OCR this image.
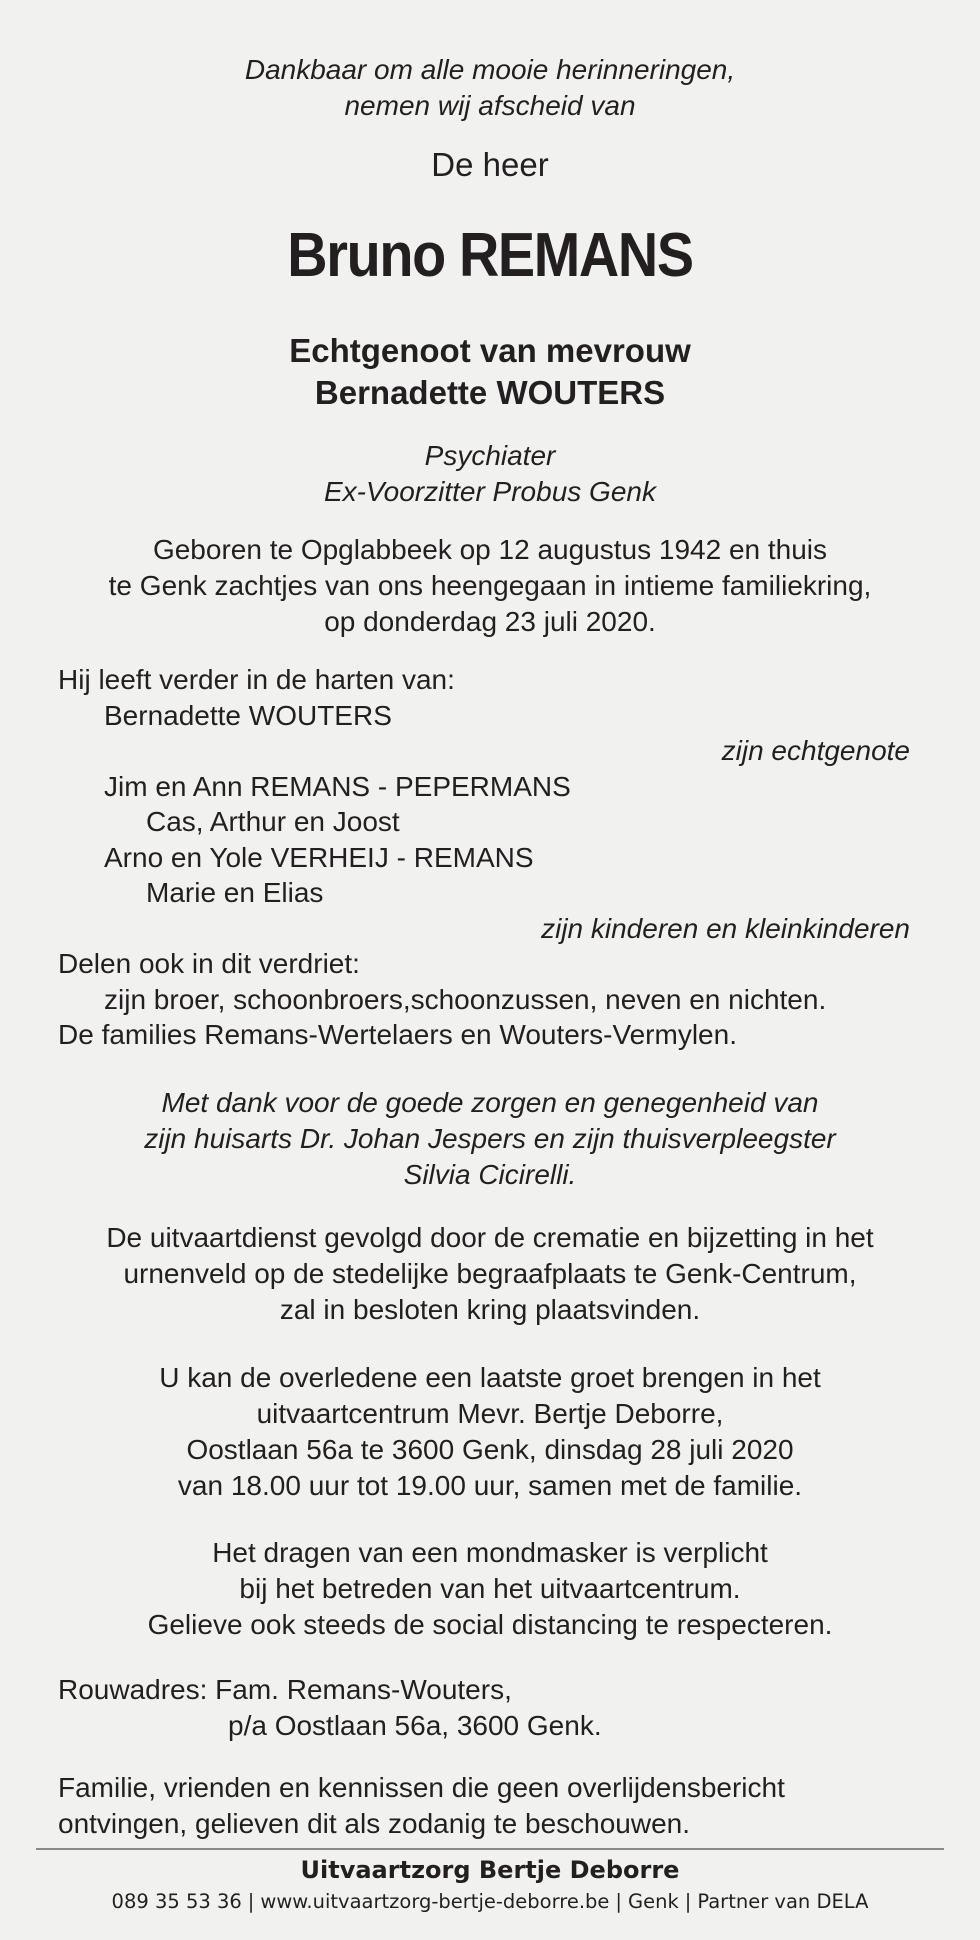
Dankbaar om alle mooie herinneringen,
nemen wij afscheid van
De heer
Bruno REMANS
Echtgenoot van mevrouw
Bernadette WOUTERS
Psychiater
Ex-Voorzitter Probus Genk
Geboren te Opglabbeek op 12 augustus 1942 en thuis
te Genk zachtjes van ons heengegaan in intieme familiekring,
op donderdag 23 juli 2020.
Hij leeft verder in de harten van:
Bernadette WOUTERS
zijn echtgenote
Jim en Ann REMANS - PEPERMANS
Cas, Arthur en Joost
Arno en Yole VERHEIJ - REMANS
Marie en Elias
zijn kinderen en kleinkinderen
Delen ook in dit verdriet:
zijn broer, schoonbroers,schoonzussen, neven en nichten.
De families Remans-Wertelaers en Wouters-Vermylen.
Met dank voor de goede zorgen en genegenheid van
zijn huisarts Dr. Johan Jespers en zijn thuisverpleegster
Silvia Cicirelli.
De uitvaartdienst gevolgd door de crematie en bijzetting in het
urnenveld op de stedelijke begraafplaats te Genk-Centrum,
zal in besloten kring plaatsvinden.
U kan de overledene een laatste groet brengen in het
uitvaartcentrum Mevr. Bertje Deborre,
Oostlaan 56a te 3600 Genk, dinsdag 28 juli 2020
van 18.00 uur tot 19.00 uur, samen met de familie.
Het dragen van een mondmasker is verplicht
bij het betreden van het uitvaartcentrum.
Gelieve ook steeds de social distancing te respecteren.
Rouwadres: Fam. Remans-Wouters,
p/a Oostlaan 56a, 3600 Genk.
Familie, vrienden en kennissen die geen overlijdensbericht
ontvingen, gelieven dit als zodanig te beschouwen.
Uitvaartzorg Bertje Deborre
089 35 53 36 | www.uitvaartzorg-bertje-deborre.be | Genk | Partner van DELA
